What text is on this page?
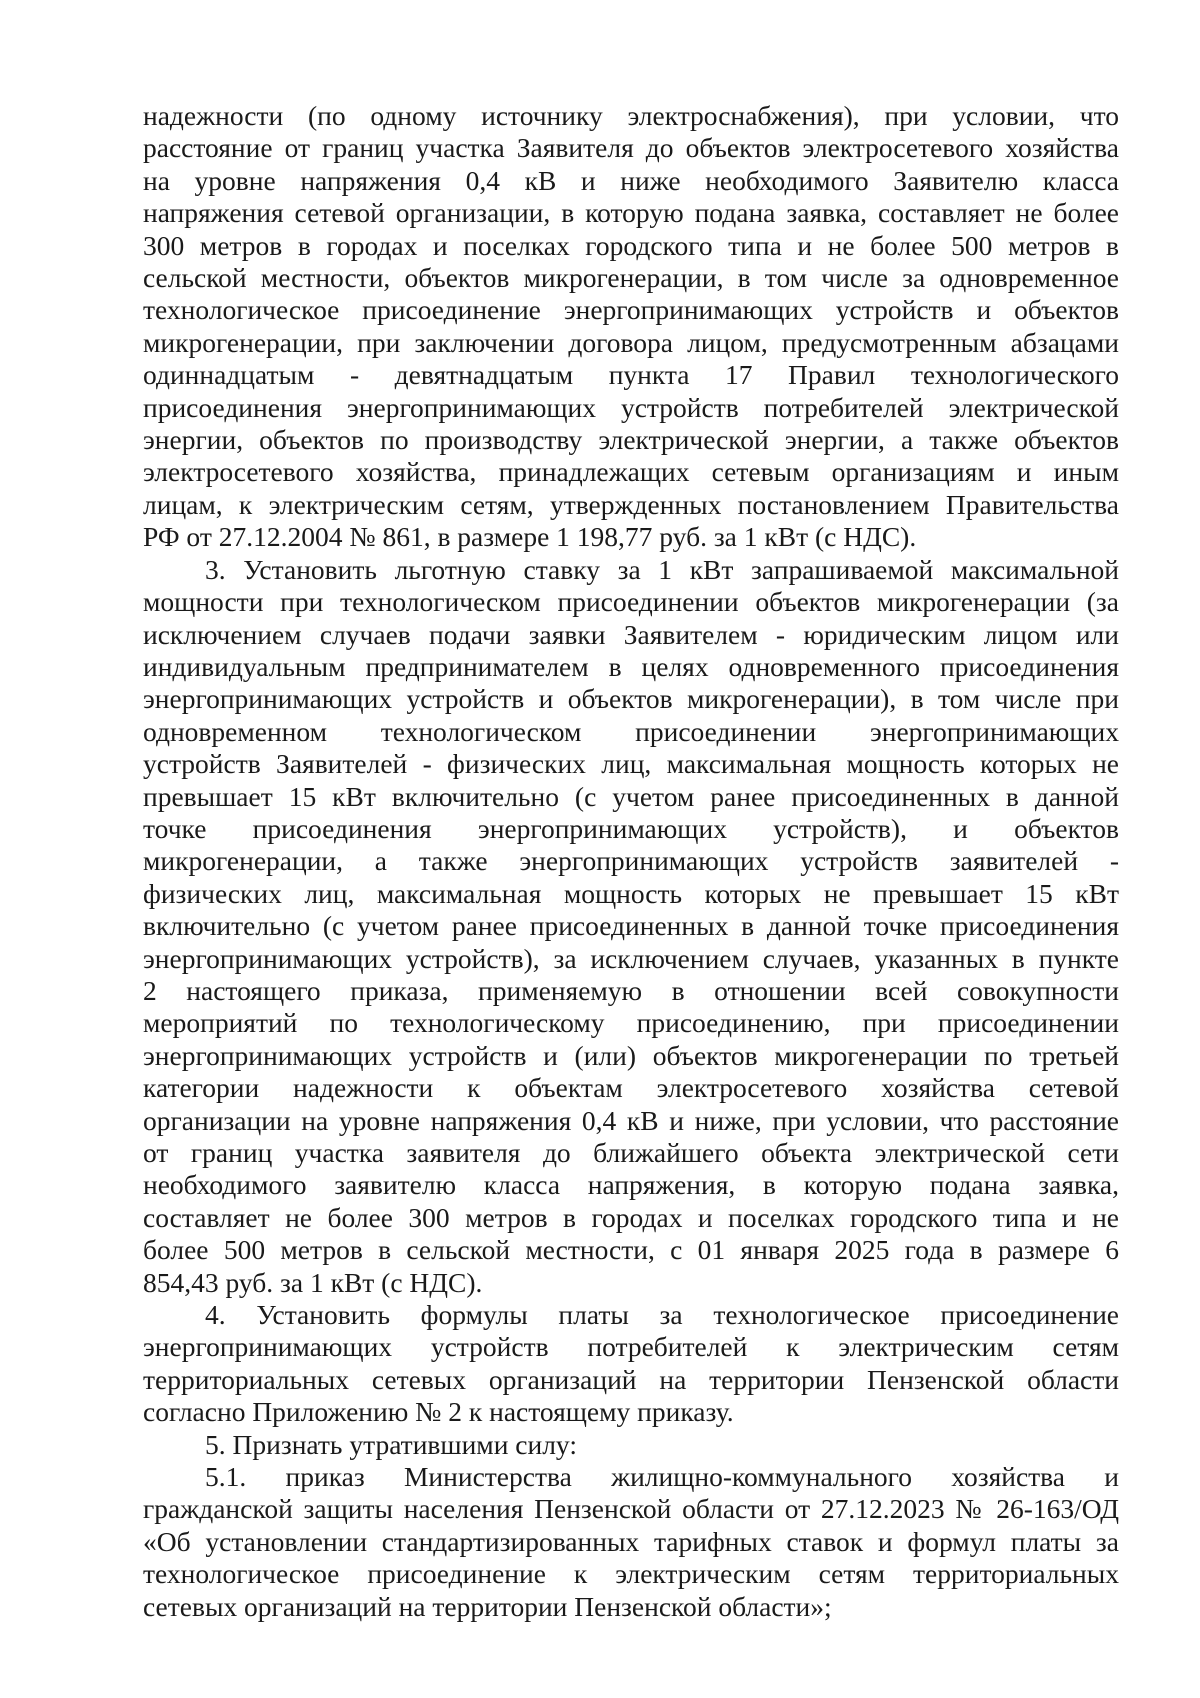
надежности (по одному источнику электроснабжения), при условии, что
расстояние от границ участка Заявителя до объектов электросетевого хозяйства
на уровне напряжения 0,4 кВ и ниже необходимого Заявителю класса
напряжения сетевой организации, в которую подана заявка, составляет не более
300 метров в городах и поселках городского типа и не более 500 метров в
сельской местности, объектов микрогенерации, в том числе за одновременное
технологическое присоединение энергопринимающих устройств и объектов
микрогенерации, при заключении договора лицом, предусмотренным абзацами
одиннадцатым - девятнадцатым пункта 17 Правил технологического
присоединения энергопринимающих устройств потребителей электрической
энергии, объектов по производству электрической энергии, а также объектов
электросетевого хозяйства, принадлежащих сетевым организациям и иным
лицам, к электрическим сетям, утвержденных постановлением Правительства
РФ от 27.12.2004 № 861, в размере 1 198,77 руб. за 1 кВт (с НДС).
3. Установить льготную ставку за 1 кВт запрашиваемой максимальной
мощности при технологическом присоединении объектов микрогенерации (за
исключением случаев подачи заявки Заявителем - юридическим лицом или
индивидуальным предпринимателем в целях одновременного присоединения
энергопринимающих устройств и объектов микрогенерации), в том числе при
одновременном технологическом присоединении энергопринимающих
устройств Заявителей - физических лиц, максимальная мощность которых не
превышает 15 кВт включительно (с учетом ранее присоединенных в данной
точке присоединения энергопринимающих устройств), и объектов
микрогенерации, а также энергопринимающих устройств заявителей -
физических лиц, максимальная мощность которых не превышает 15 кВт
включительно (с учетом ранее присоединенных в данной точке присоединения
энергопринимающих устройств), за исключением случаев, указанных в пункте
2 настоящего приказа, применяемую в отношении всей совокупности
мероприятий по технологическому присоединению, при присоединении
энергопринимающих устройств и (или) объектов микрогенерации по третьей
категории надежности к объектам электросетевого хозяйства сетевой
организации на уровне напряжения 0,4 кВ и ниже, при условии, что расстояние
от границ участка заявителя до ближайшего объекта электрической сети
необходимого заявителю класса напряжения, в которую подана заявка,
составляет не более 300 метров в городах и поселках городского типа и не
более 500 метров в сельской местности, с 01 января 2025 года в размере 6
854,43 руб. за 1 кВт (с НДС).
4. Установить формулы платы за технологическое присоединение
энергопринимающих устройств потребителей к электрическим сетям
территориальных сетевых организаций на территории Пензенской области
согласно Приложению № 2 к настоящему приказу.
5. Признать утратившими силу:
5.1. приказ Министерства жилищно-коммунального хозяйства и
гражданской защиты населения Пензенской области от 27.12.2023 № 26-163/ОД
«Об установлении стандартизированных тарифных ставок и формул платы за
технологическое присоединение к электрическим сетям территориальных
сетевых организаций на территории Пензенской области»;
